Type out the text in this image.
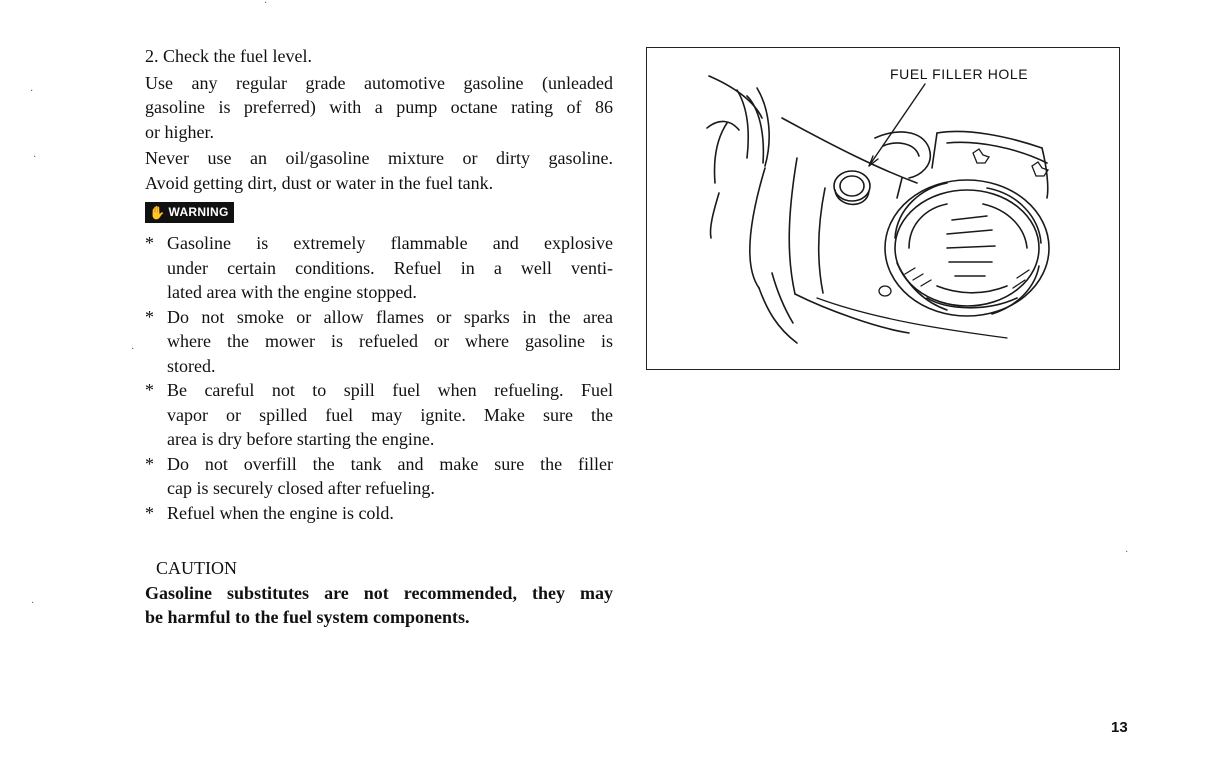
2. Check the fuel level.

Use any regular grade automotive gasoline (unleaded
gasoline is preferred) with a pump octane rating of 86
or higher.
Never use an oil/gasoline mixture or dirty gasoline.
Avoid getting dirt, dust or water in the fuel tank.
✋ WARNING
* Gasoline is extremely flammable and explosive
under certain conditions. Refuel in a well venti-
lated area with the engine stopped.
* Do not smoke or allow flames or sparks in the area
where the mower is refueled or where gasoline is
stored.
* Be careful not to spill fuel when refueling. Fuel
vapor or spilled fuel may ignite. Make sure the
area is dry before starting the engine.
* Do not overfill the tank and make sure the filler
cap is securely closed after refueling.
* Refuel when the engine is cold.

CAUTION

Gasoline substitutes are not recommended, they may
be harmful to the fuel system components.
FUEL FILLER HOLE
13
·
·
·
·
·
·
